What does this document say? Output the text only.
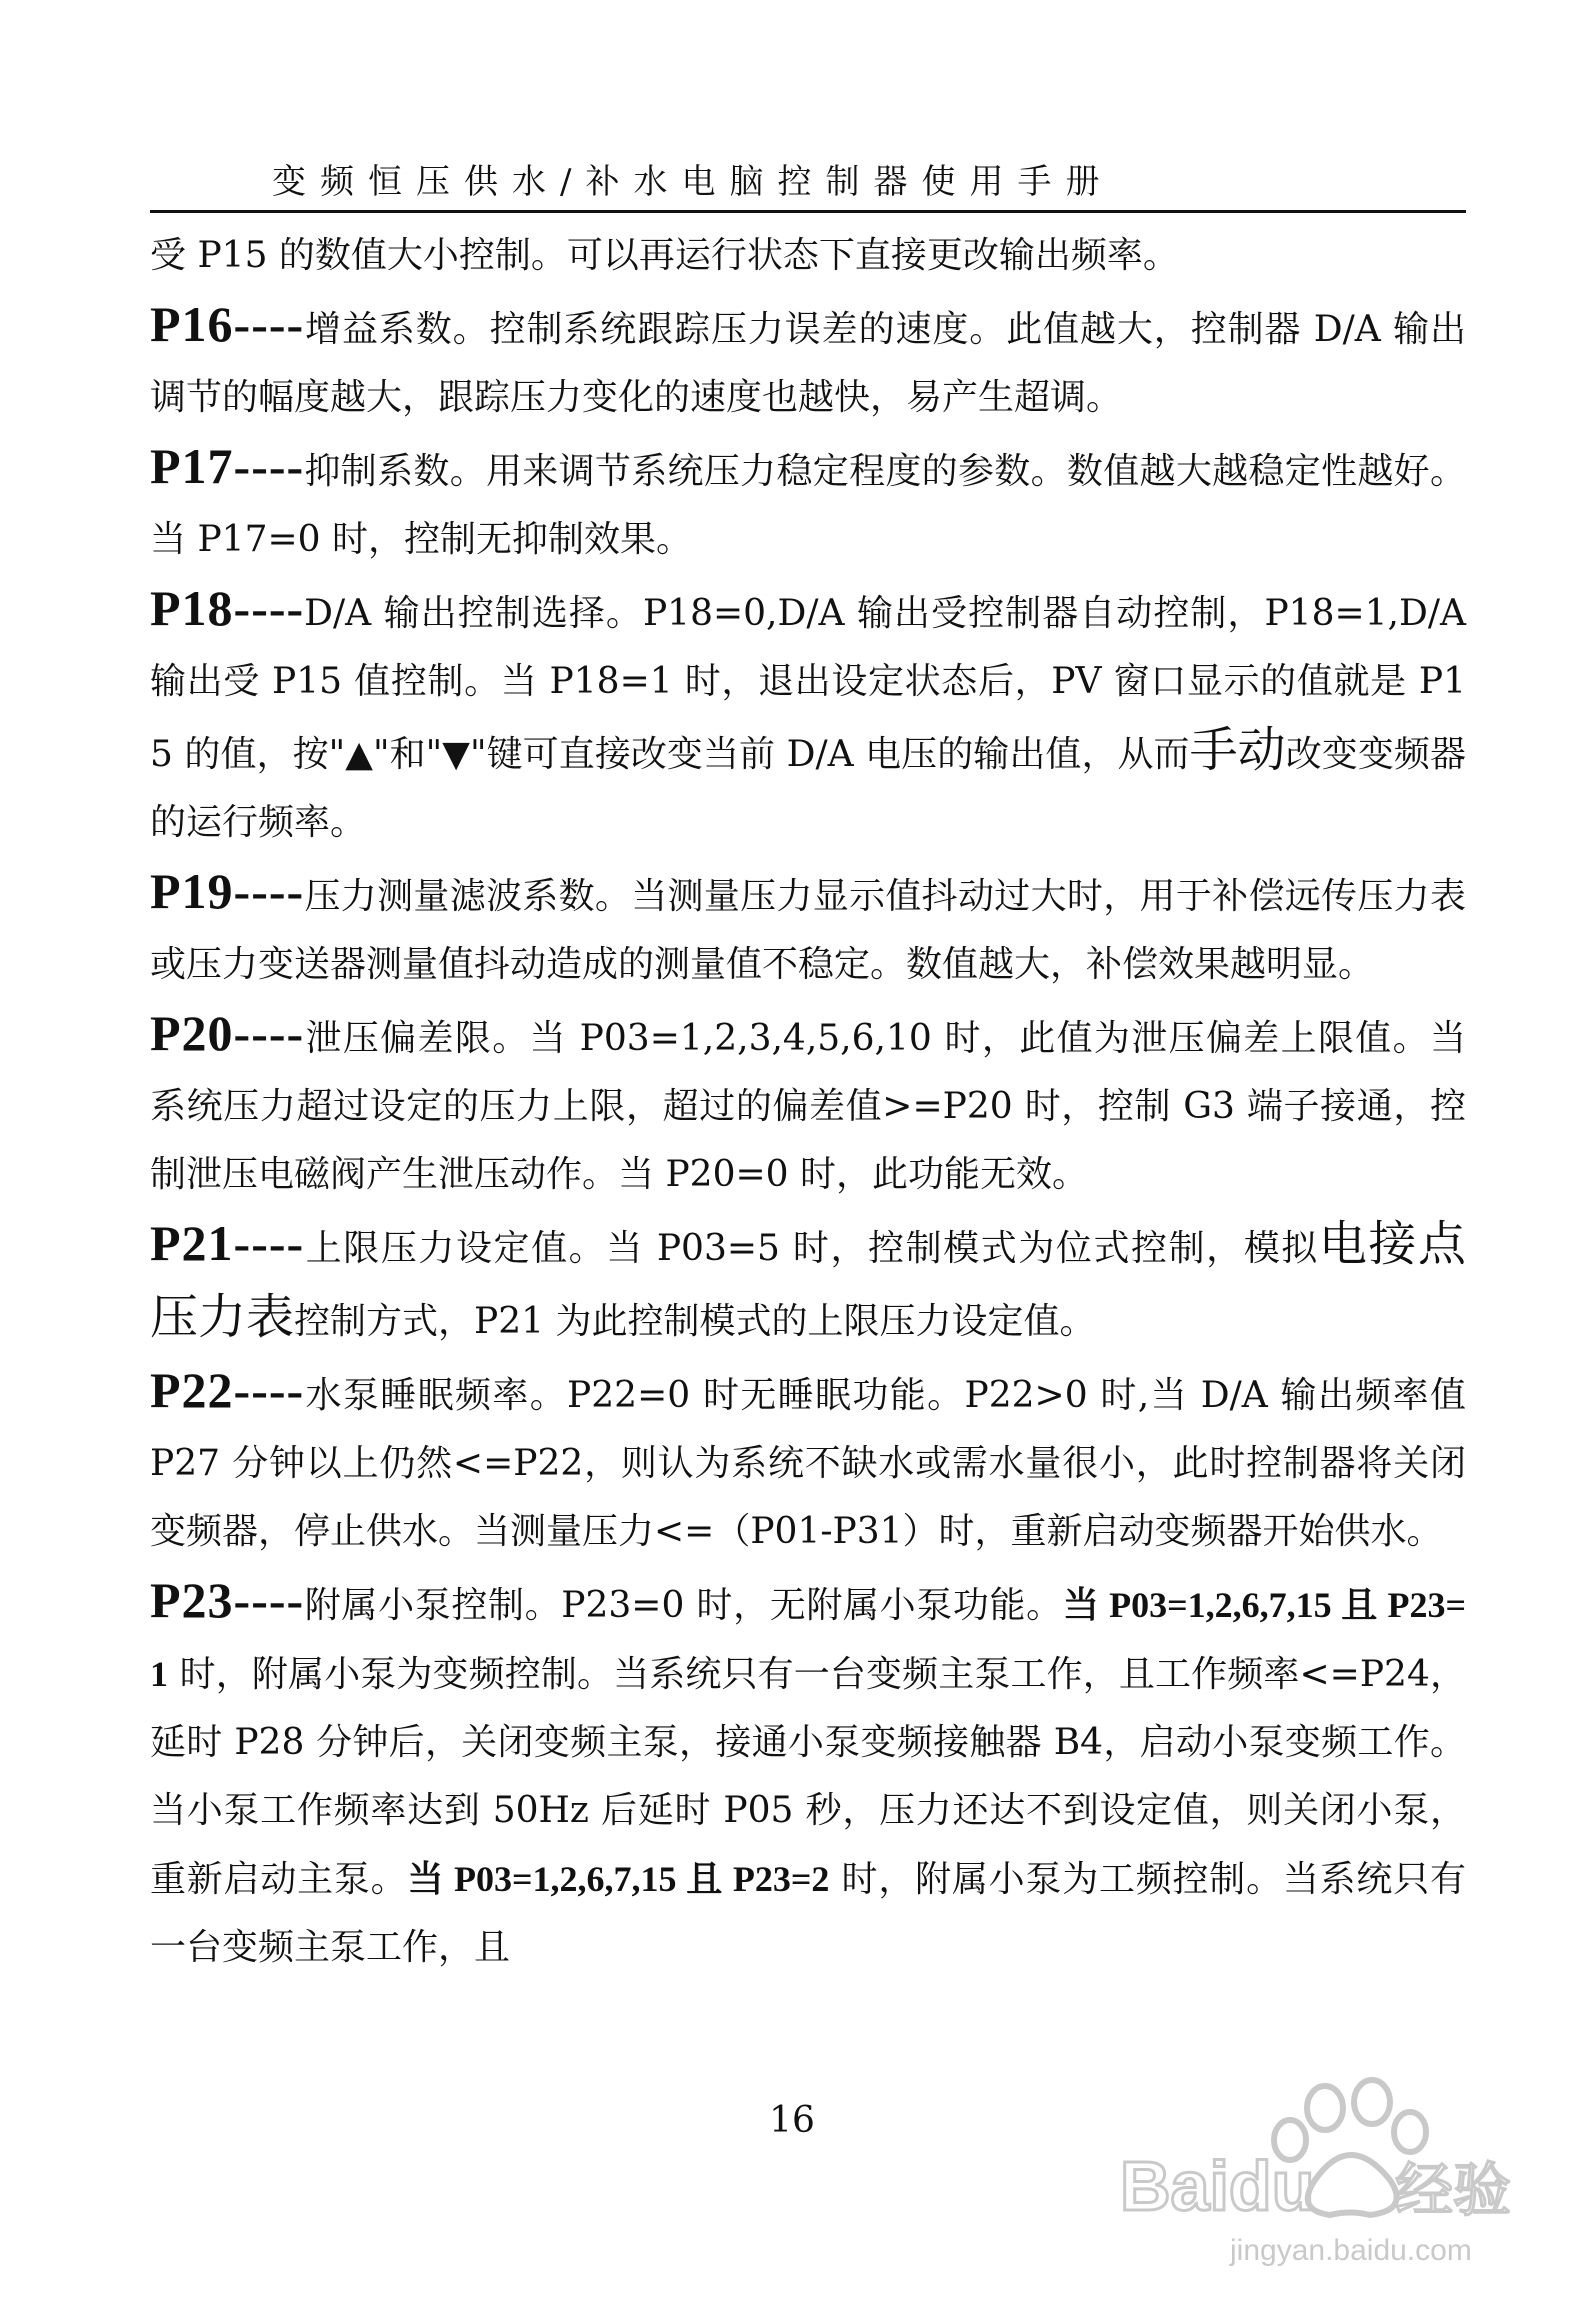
变频恒压供水/补水电脑控制器使用手册

受 P15 的数值大小控制。可以再运行状态下直接更改输出频率。

P16----增益系数。控制系统跟踪压力误差的速度。此值越大，控制器 D/A 输出调节的幅度越大，跟踪压力变化的速度也越快，易产生超调。

P17----抑制系数。用来调节系统压力稳定程度的参数。数值越大越稳定性越好。当 P17=0 时，控制无抑制效果。

P18----D/A 输出控制选择。P18=0,D/A 输出受控制器自动控制，P18=1,D/A 输出受 P15 值控制。当 P18=1 时，退出设定状态后，PV 窗口显示的值就是 P15 的值，按"▲"和"▼"键可直接改变当前 D/A 电压的输出值，从而手动改变变频器的运行频率。

P19----压力测量滤波系数。当测量压力显示值抖动过大时，用于补偿远传压力表或压力变送器测量值抖动造成的测量值不稳定。数值越大，补偿效果越明显。

P20----泄压偏差限。当 P03=1,2,3,4,5,6,10 时，此值为泄压偏差上限值。当系统压力超过设定的压力上限，超过的偏差值>=P20 时，控制 G3 端子接通，控制泄压电磁阀产生泄压动作。当 P20=0 时，此功能无效。

P21----上限压力设定值。当 P03=5 时，控制模式为位式控制，模拟电接点压力表控制方式，P21 为此控制模式的上限压力设定值。

P22----水泵睡眠频率。P22=0 时无睡眠功能。P22>0 时,当 D/A 输出频率值 P27 分钟以上仍然<=P22，则认为系统不缺水或需水量很小，此时控制器将关闭变频器，停止供水。当测量压力<=（P01-P31）时，重新启动变频器开始供水。

P23----附属小泵控制。P23=0 时，无附属小泵功能。当 P03=1,2,6,7,15 且 P23=1 时，附属小泵为变频控制。当系统只有一台变频主泵工作，且工作频率<=P24，延时 P28 分钟后，关闭变频主泵，接通小泵变频接触器 B4，启动小泵变频工作。当小泵工作频率达到 50Hz 后延时 P05 秒，压力还达不到设定值，则关闭小泵，重新启动主泵。当 P03=1,2,6,7,15 且 P23=2 时，附属小泵为工频控制。当系统只有一台变频主泵工作，且

16
Baidu 经验
jingyan.baidu.com
